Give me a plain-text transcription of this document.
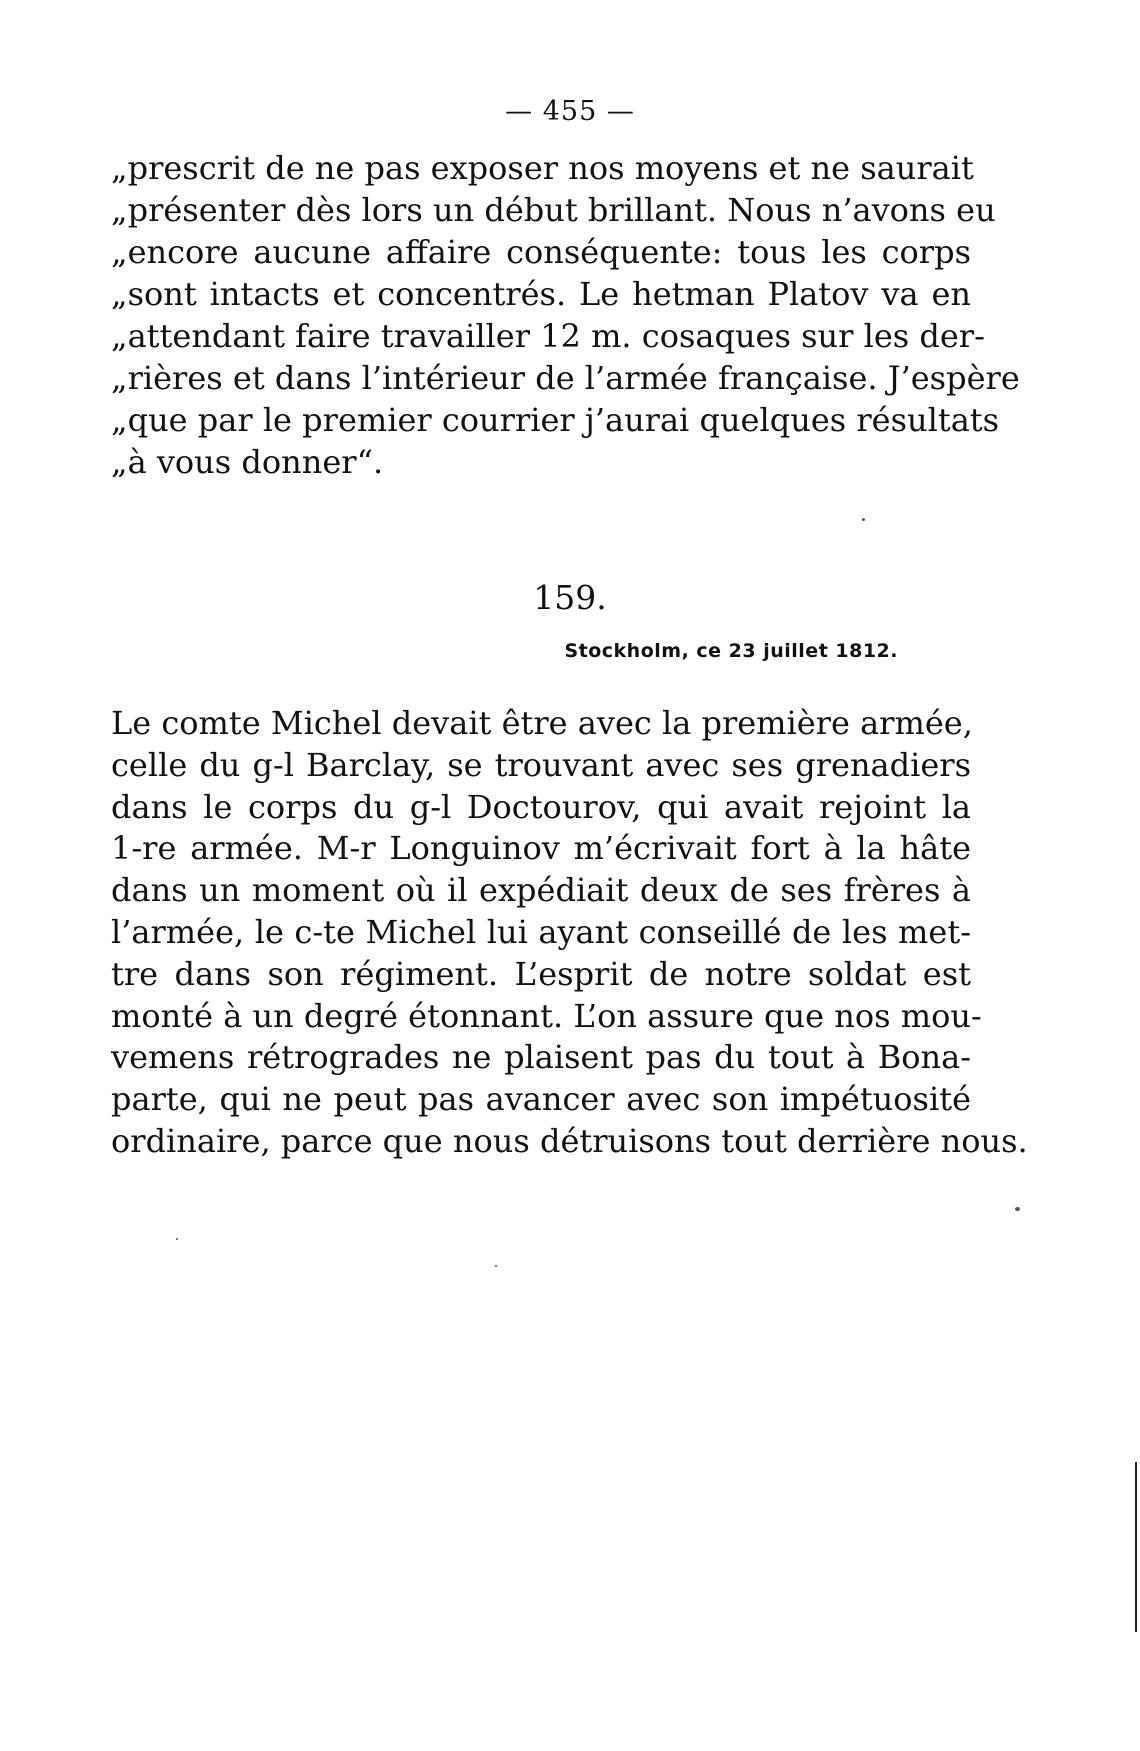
— 455 —
„prescrit de ne pas exposer nos moyens et ne saurait
„présenter dès lors un début brillant. Nous n’avons eu
„encore aucune affaire conséquente: tous les corps
„sont intacts et concentrés. Le hetman Platov va en
„attendant faire travailler 12 m. cosaques sur les der-
„rières et dans l’intérieur de l’armée française. J’espère
„que par le premier courrier j’aurai quelques résultats
„à vous donner“.
159.
Stockholm, ce 23 juillet 1812.
Le comte Michel devait être avec la première armée,
celle du g-l Barclay, se trouvant avec ses grenadiers
dans le corps du g-l Doctourov, qui avait rejoint la
1-re armée. M-r Longuinov m’écrivait fort à la hâte
dans un moment où il expédiait deux de ses frères à
l’armée, le c-te Michel lui ayant conseillé de les met-
tre dans son régiment. L’esprit de notre soldat est
monté à un degré étonnant. L’on assure que nos mou-
vemens rétrogrades ne plaisent pas du tout à Bona-
parte, qui ne peut pas avancer avec son impétuosité
ordinaire, parce que nous détruisons tout derrière nous.
